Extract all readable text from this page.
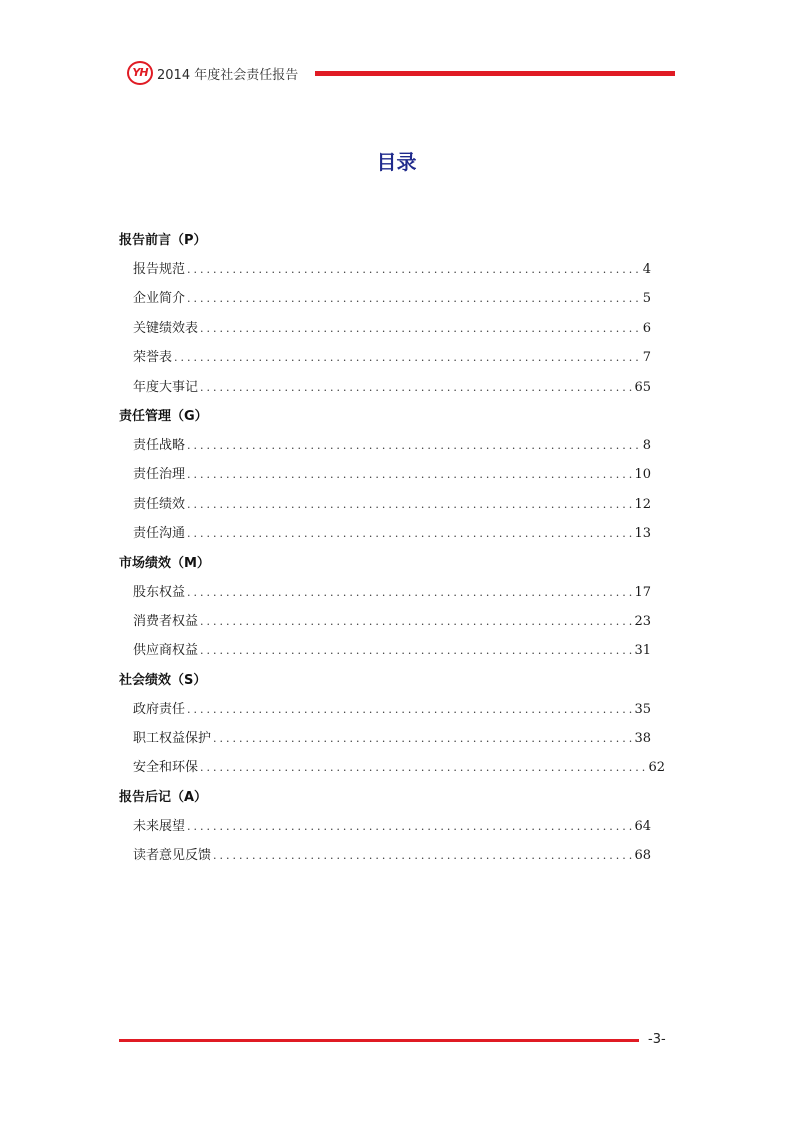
YH 2014 年度社会责任报告
目录
报告前言（P）
报告规范 .....	4
企业简介 .....	5
关键绩效表 .....	6
荣誉表 .....	7
年度大事记 .....	65
责任管理（G）
责任战略 .....	8
责任治理 .....	10
责任绩效 .....	12
责任沟通 .....	13
市场绩效（M）
股东权益 .....	17
消费者权益 .....	23
供应商权益 .....	31
社会绩效（S）
政府责任 .....	35
职工权益保护 .....	38
安全和环保 .....	62
报告后记（A）
未来展望 .....	64
读者意见反馈 .....	68
-3-
